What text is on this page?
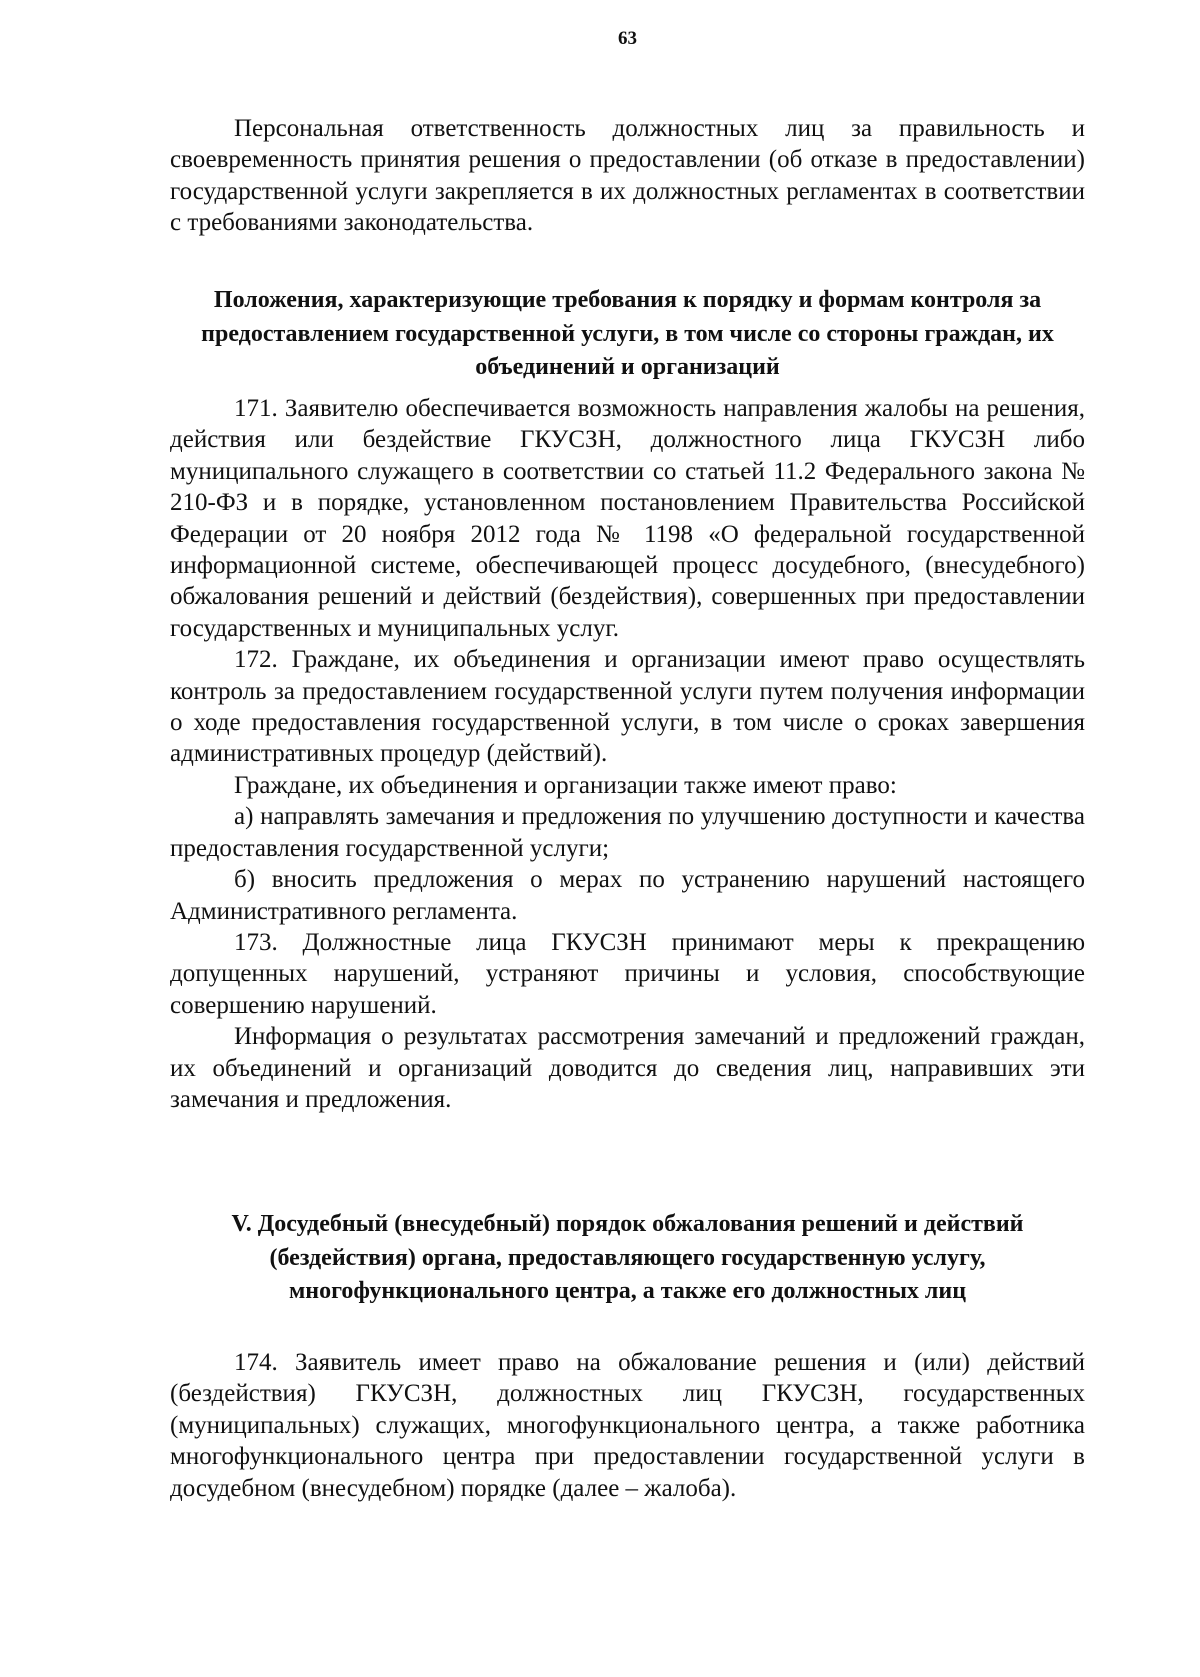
63

Персональная ответственность должностных лиц за правильность и своевременность принятия решения о предоставлении (об отказе в предоставлении) государственной услуги закрепляется в их должностных регламентах в соответствии с требованиями законодательства.

Положения, характеризующие требования к порядку и формам контроля за предоставлением государственной услуги, в том числе со стороны граждан, их объединений и организаций

171. Заявителю обеспечивается возможность направления жалобы на решения, действия или бездействие ГКУСЗН, должностного лица ГКУСЗН либо муниципального служащего в соответствии со статьей 11.2 Федерального закона № 210-ФЗ и в порядке, установленном постановлением Правительства Российской Федерации от 20 ноября 2012 года № 1198 «О федеральной государственной информационной системе, обеспечивающей процесс досудебного, (внесудебного) обжалования решений и действий (бездействия), совершенных при предоставлении государственных и муниципальных услуг.

172. Граждане, их объединения и организации имеют право осуществлять контроль за предоставлением государственной услуги путем получения информации о ходе предоставления государственной услуги, в том числе о сроках завершения административных процедур (действий).

Граждане, их объединения и организации также имеют право:

а) направлять замечания и предложения по улучшению доступности и качества предоставления государственной услуги;

б) вносить предложения о мерах по устранению нарушений настоящего Административного регламента.

173. Должностные лица ГКУСЗН принимают меры к прекращению допущенных нарушений, устраняют причины и условия, способствующие совершению нарушений.

Информация о результатах рассмотрения замечаний и предложений граждан, их объединений и организаций доводится до сведения лиц, направивших эти замечания и предложения.

V. Досудебный (внесудебный) порядок обжалования решений и действий (бездействия) органа, предоставляющего государственную услугу, многофункционального центра, а также его должностных лиц

174. Заявитель имеет право на обжалование решения и (или) действий (бездействия) ГКУСЗН, должностных лиц ГКУСЗН, государственных (муниципальных) служащих, многофункционального центра, а также работника многофункционального центра при предоставлении государственной услуги в досудебном (внесудебном) порядке (далее – жалоба).
